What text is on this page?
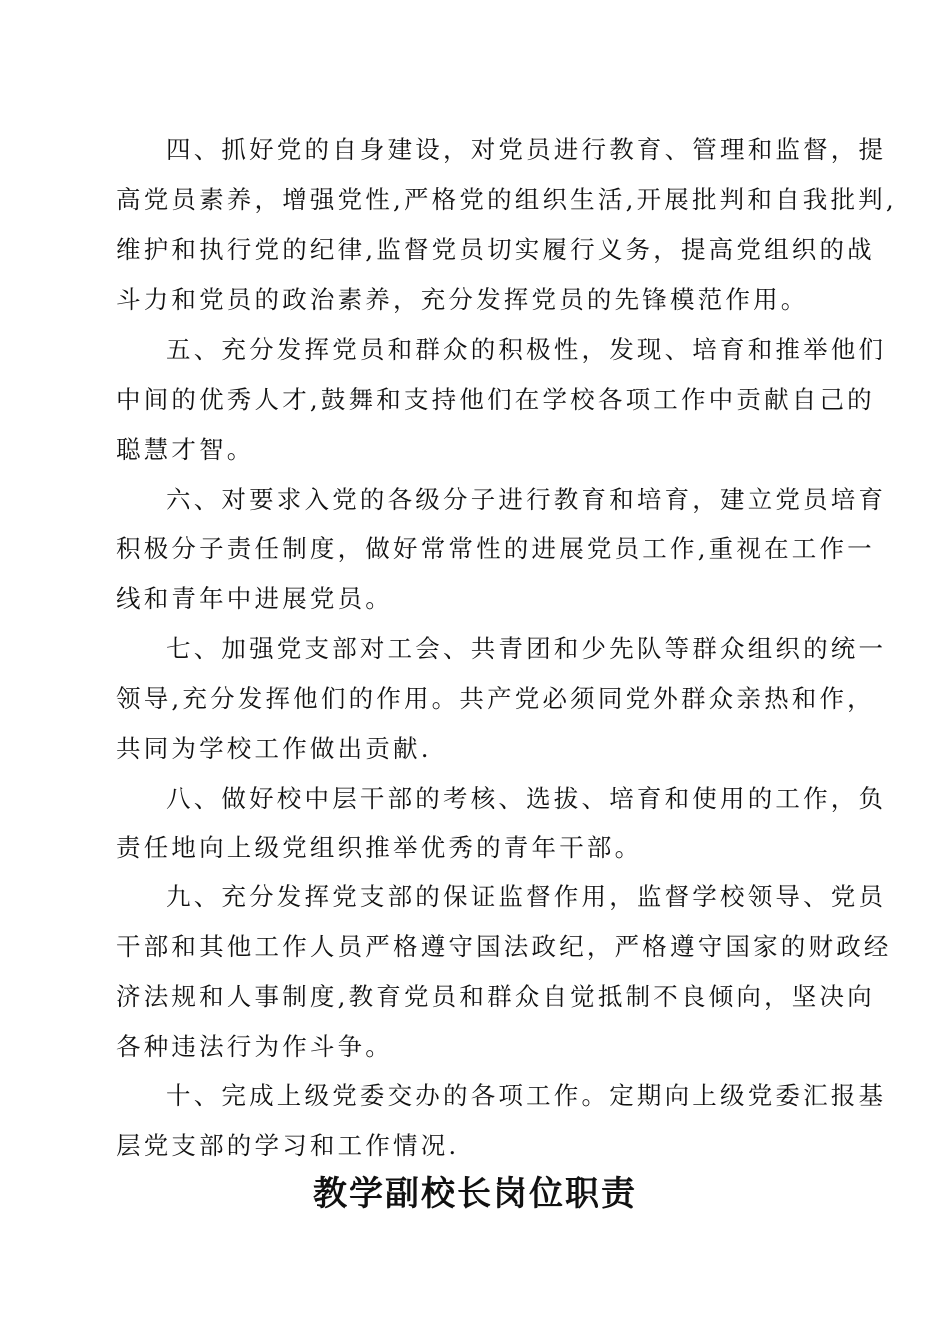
四、抓好党的自身建设，对党员进行教育、管理和监督，提
高党员素养，增强党性,严格党的组织生活,开展批判和自我批判,
维护和执行党的纪律,监督党员切实履行义务，提高党组织的战
斗力和党员的政治素养，充分发挥党员的先锋模范作用。
五、充分发挥党员和群众的积极性，发现、培育和推举他们
中间的优秀人才,鼓舞和支持他们在学校各项工作中贡献自己的
聪慧才智。
六、对要求入党的各级分子进行教育和培育，建立党员培育
积极分子责任制度，做好常常性的进展党员工作,重视在工作一
线和青年中进展党员。
七、加强党支部对工会、共青团和少先队等群众组织的统一
领导,充分发挥他们的作用。共产党必须同党外群众亲热和作，
共同为学校工作做出贡献.
八、做好校中层干部的考核、选拔、培育和使用的工作，负
责任地向上级党组织推举优秀的青年干部。
九、充分发挥党支部的保证监督作用，监督学校领导、党员
干部和其他工作人员严格遵守国法政纪，严格遵守国家的财政经
济法规和人事制度,教育党员和群众自觉抵制不良倾向，坚决向
各种违法行为作斗争。
十、完成上级党委交办的各项工作。定期向上级党委汇报基
层党支部的学习和工作情况.
教学副校长岗位职责
